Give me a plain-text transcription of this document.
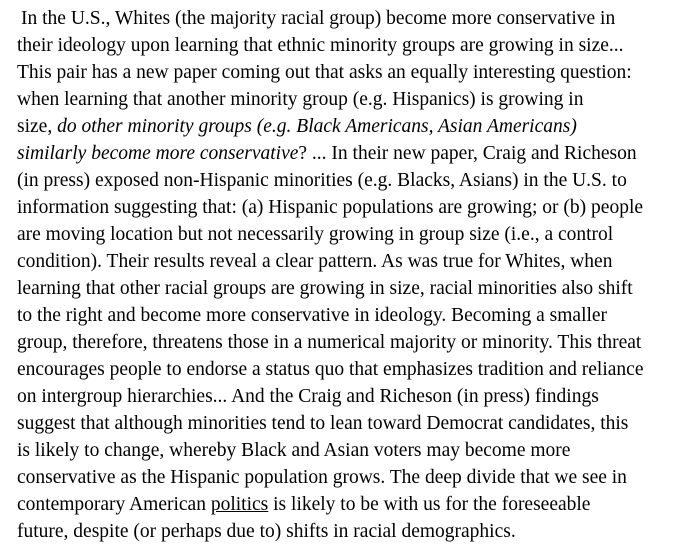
In the U.S., Whites (the majority racial group) become more conservative in
their ideology upon learning that ethnic minority groups are growing in size...
This pair has a new paper coming out that asks an equally interesting question:
when learning that another minority group (e.g. Hispanics) is growing in
size, do other minority groups (e.g. Black Americans, Asian Americans)
similarly become more conservative? ... In their new paper, Craig and Richeson
(in press) exposed non-Hispanic minorities (e.g. Blacks, Asians) in the U.S. to
information suggesting that: (a) Hispanic populations are growing; or (b) people
are moving location but not necessarily growing in group size (i.e., a control
condition). Their results reveal a clear pattern. As was true for Whites, when
learning that other racial groups are growing in size, racial minorities also shift
to the right and become more conservative in ideology. Becoming a smaller
group, therefore, threatens those in a numerical majority or minority. This threat
encourages people to endorse a status quo that emphasizes tradition and reliance
on intergroup hierarchies... And the Craig and Richeson (in press) findings
suggest that although minorities tend to lean toward Democrat candidates, this
is likely to change, whereby Black and Asian voters may become more
conservative as the Hispanic population grows. The deep divide that we see in
contemporary American politics is likely to be with us for the foreseeable
future, despite (or perhaps due to) shifts in racial demographics.
